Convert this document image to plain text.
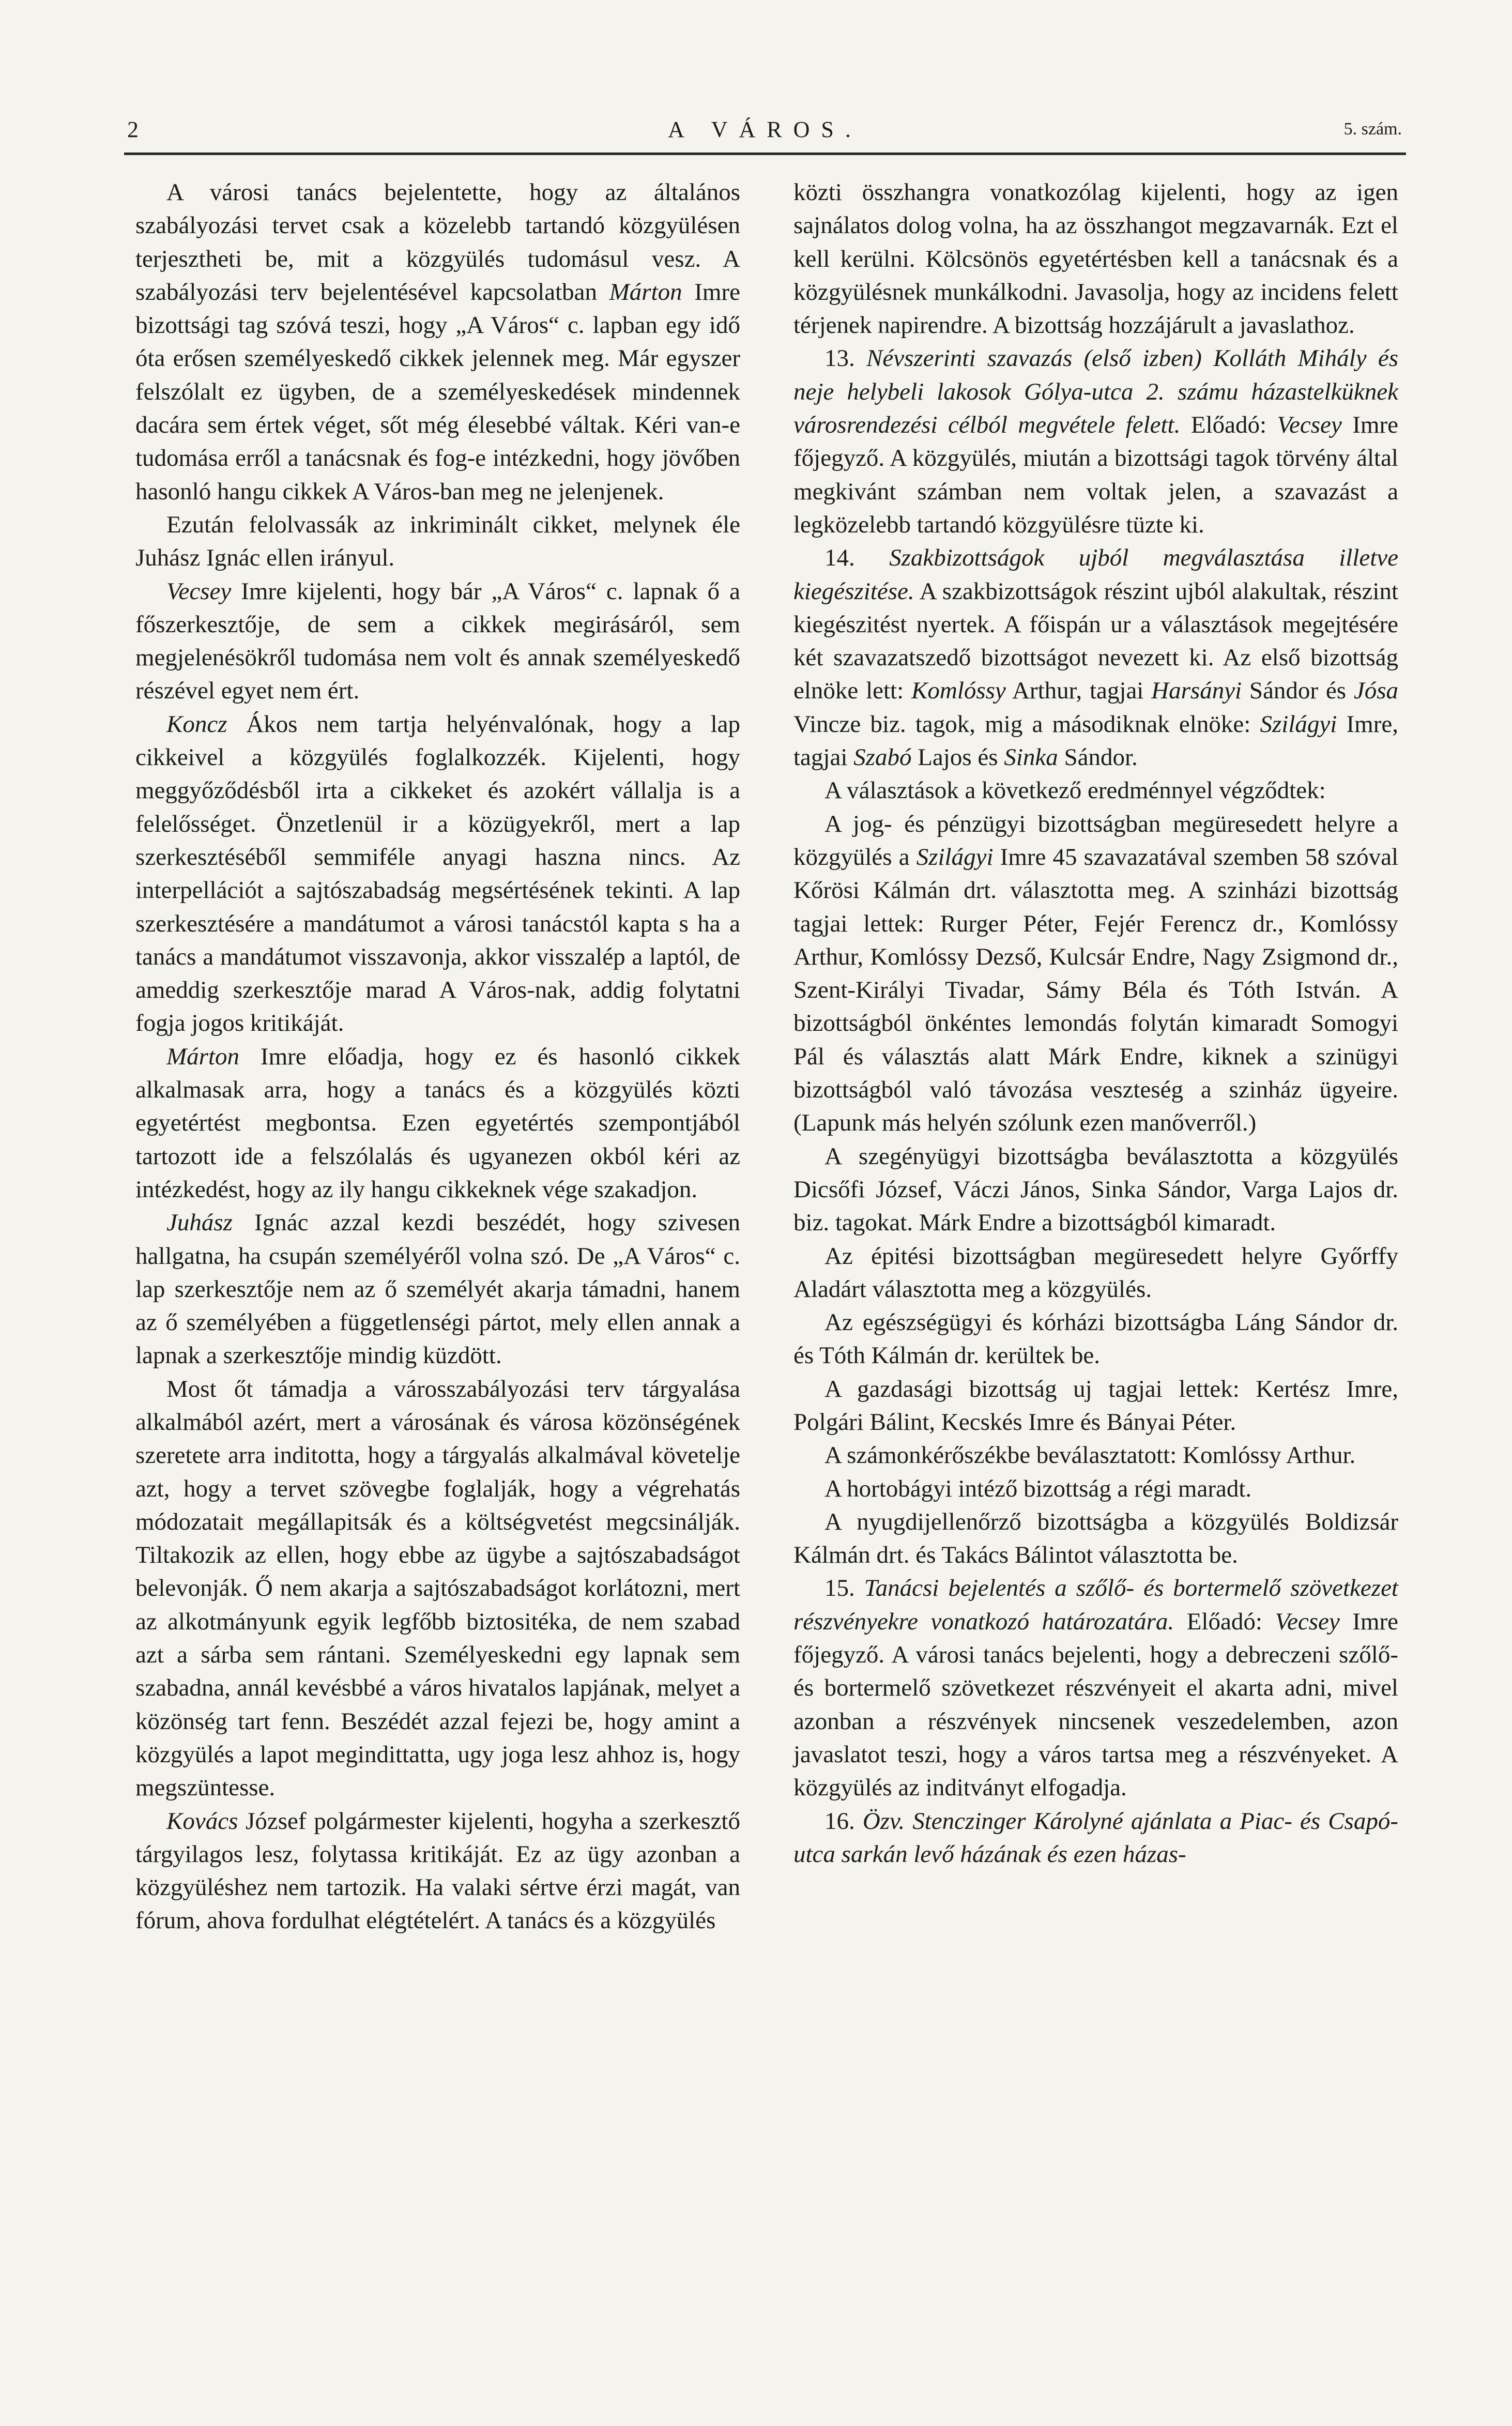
2	A VÁROS.	5. szám.

A városi tanács bejelentette, hogy az általános szabályozási tervet csak a közelebb tartandó közgyülésen terjesztheti be, mit a közgyülés tudomásul vesz. A szabályozási terv bejelentésével kapcsolatban Márton Imre bizottsági tag szóvá teszi, hogy „A Város“ c. lapban egy idő óta erősen személyeskedő cikkek jelennek meg. Már egyszer felszólalt ez ügyben, de a személyeskedések mindennek dacára sem értek véget, sőt még élesebbé váltak. Kéri van-e tudomása erről a tanácsnak és fog-e intézkedni, hogy jövőben hasonló hangu cikkek A Város-ban meg ne jelenjenek.

Ezután felolvassák az inkriminált cikket, melynek éle Juhász Ignác ellen irányul.

Vecsey Imre kijelenti, hogy bár „A Város“ c. lapnak ő a főszerkesztője, de sem a cikkek megirásáról, sem megjelenésökről tudomása nem volt és annak személyeskedő részével egyet nem ért.

Koncz Ákos nem tartja helyénvalónak, hogy a lap cikkeivel a közgyülés foglalkozzék. Kijelenti, hogy meggyőződésből irta a cikkeket és azokért vállalja is a felelősséget. Önzetlenül ir a közügyekről, mert a lap szerkesztéséből semmiféle anyagi haszna nincs. Az interpellációt a sajtószabadság megsértésének tekinti. A lap szerkesztésére a mandátumot a városi tanácstól kapta s ha a tanács a mandátumot visszavonja, akkor visszalép a laptól, de ameddig szerkesztője marad A Város-nak, addig folytatni fogja jogos kritikáját.

Márton Imre előadja, hogy ez és hasonló cikkek alkalmasak arra, hogy a tanács és a közgyülés közti egyetértést megbontsa. Ezen egyetértés szempontjából tartozott ide a felszólalás és ugyanezen okból kéri az intézkedést, hogy az ily hangu cikkeknek vége szakadjon.

Juhász Ignác azzal kezdi beszédét, hogy szivesen hallgatna, ha csupán személyéről volna szó. De „A Város“ c. lap szerkesztője nem az ő személyét akarja támadni, hanem az ő személyében a függetlenségi pártot, mely ellen annak a lapnak a szerkesztője mindig küzdött.

Most őt támadja a városszabályozási terv tárgyalása alkalmából azért, mert a városának és városa közönségének szeretete arra inditotta, hogy a tárgyalás alkalmával követelje azt, hogy a tervet szövegbe foglalják, hogy a végrehatás módozatait megállapitsák és a költségvetést megcsinálják. Tiltakozik az ellen, hogy ebbe az ügybe a sajtószabadságot belevonják. Ő nem akarja a sajtószabadságot korlátozni, mert az alkotmányunk egyik legfőbb biztositéka, de nem szabad azt a sárba sem rántani. Személyeskedni egy lapnak sem szabadna, annál kevésbbé a város hivatalos lapjának, melyet a közönség tart fenn. Beszédét azzal fejezi be, hogy amint a közgyülés a lapot megindittatta, ugy joga lesz ahhoz is, hogy megszüntesse.

Kovács József polgármester kijelenti, hogyha a szerkesztő tárgyilagos lesz, folytassa kritikáját. Ez az ügy azonban a közgyüléshez nem tartozik. Ha valaki sértve érzi magát, van fórum, ahova fordulhat elégtételért. A tanács és a közgyülés

közti összhangra vonatkozólag kijelenti, hogy az igen sajnálatos dolog volna, ha az összhangot megzavarnák. Ezt el kell kerülni. Kölcsönös egyetértésben kell a tanácsnak és a közgyülésnek munkálkodni. Javasolja, hogy az incidens felett térjenek napirendre. A bizottság hozzájárult a javaslathoz.

13. Névszerinti szavazás (első izben) Kolláth Mihály és neje helybeli lakosok Gólya-utca 2. számu házastelküknek városrendezési célból megvétele felett. Előadó: Vecsey Imre főjegyző. A közgyülés, miután a bizottsági tagok törvény által megkivánt számban nem voltak jelen, a szavazást a legközelebb tartandó közgyülésre tüzte ki.

14. Szakbizottságok ujból megválasztása illetve kiegészitése. A szakbizottságok részint ujból alakultak, részint kiegészitést nyertek. A főispán ur a választások megejtésére két szavazatszedő bizottságot nevezett ki. Az első bizottság elnöke lett: Komlóssy Arthur, tagjai Harsányi Sándor és Jósa Vincze biz. tagok, mig a másodiknak elnöke: Szilágyi Imre, tagjai Szabó Lajos és Sinka Sándor.

A választások a következő eredménnyel végződtek:

A jog- és pénzügyi bizottságban megüresedett helyre a közgyülés a Szilágyi Imre 45 szavazatával szemben 58 szóval Kőrösi Kálmán drt. választotta meg. A szinházi bizottság tagjai lettek: Rurger Péter, Fejér Ferencz dr., Komlóssy Arthur, Komlóssy Dezső, Kulcsár Endre, Nagy Zsigmond dr., Szent-Királyi Tivadar, Sámy Béla és Tóth István. A bizottságból önkéntes lemondás folytán kimaradt Somogyi Pál és választás alatt Márk Endre, kiknek a szinügyi bizottságból való távozása veszteség a szinház ügyeire. (Lapunk más helyén szólunk ezen manőverről.)

A szegényügyi bizottságba beválasztotta a közgyülés Dicsőfi József, Váczi János, Sinka Sándor, Varga Lajos dr. biz. tagokat. Márk Endre a bizottságból kimaradt.

Az épitési bizottságban megüresedett helyre Győrffy Aladárt választotta meg a közgyülés.

Az egészségügyi és kórházi bizottságba Láng Sándor dr. és Tóth Kálmán dr. kerültek be.

A gazdasági bizottság uj tagjai lettek: Kertész Imre, Polgári Bálint, Kecskés Imre és Bányai Péter.

A számonkérőszékbe beválasztatott: Komlóssy Arthur.

A hortobágyi intéző bizottság a régi maradt.

A nyugdijellenőrző bizottságba a közgyülés Boldizsár Kálmán drt. és Takács Bálintot választotta be.

15. Tanácsi bejelentés a szőlő- és bortermelő szövetkezet részvényekre vonatkozó határozatára. Előadó: Vecsey Imre főjegyző. A városi tanács bejelenti, hogy a debreczeni szőlő- és bortermelő szövetkezet részvényeit el akarta adni, mivel azonban a részvények nincsenek veszedelemben, azon javaslatot teszi, hogy a város tartsa meg a részvényeket. A közgyülés az inditványt elfogadja.

16. Özv. Stenczinger Károlyné ajánlata a Piac- és Csapó-utca sarkán levő házának és ezen házas-
